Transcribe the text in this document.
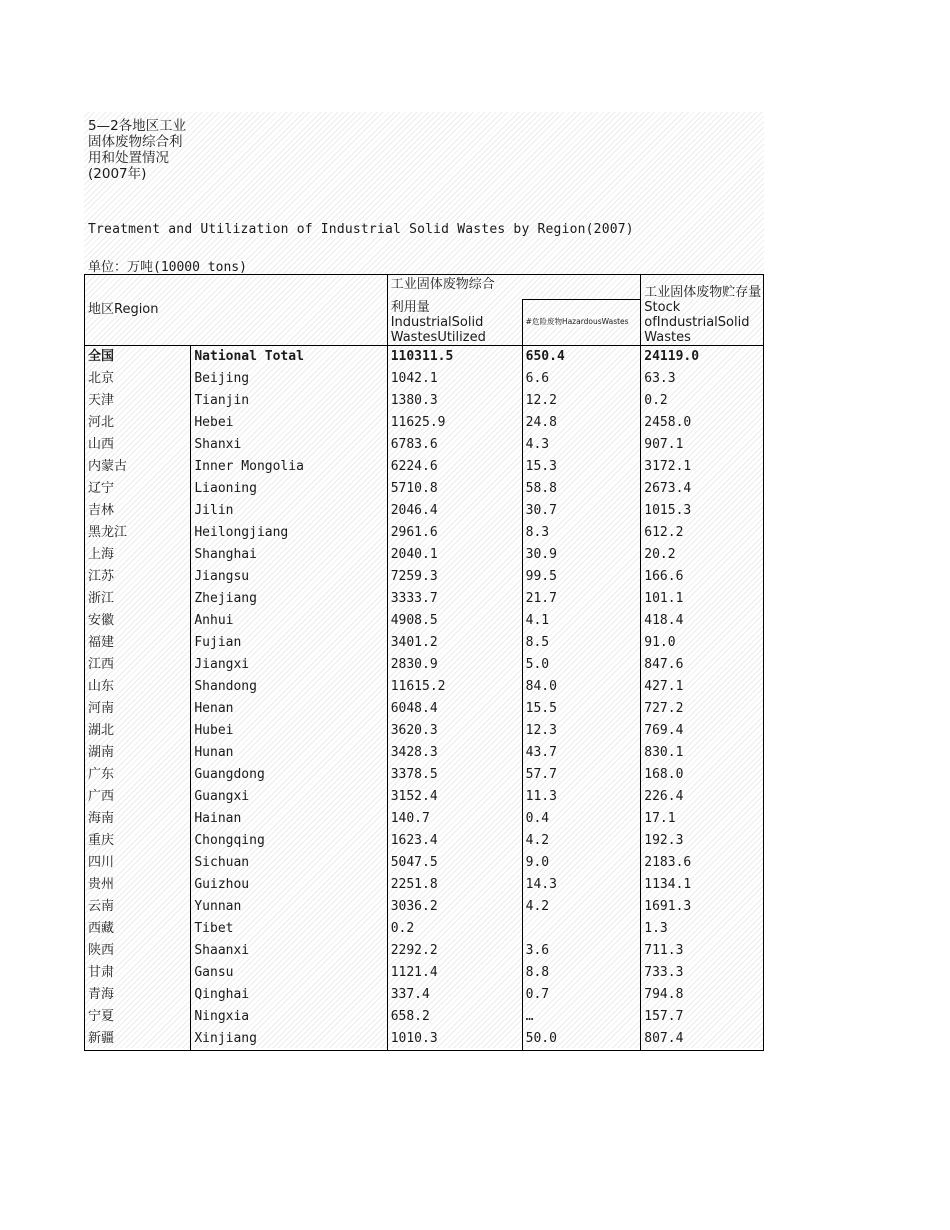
5—2各地区工业固体废物综合利用和处置情况(2007年)
Treatment and Utilization of Industrial Solid Wastes by Region(2007)
单位：万吨(10000 tons)
地区Region		工业固体废物综合		工业固体废物贮存量Stock ofIndustrialSolid Wastes
		利用量
IndustrialSolid
WastesUtilized	#危险废物HazardousWastes	
全国	National Total	110311.5	650.4	24119.0
北京	Beijing	1042.1	6.6	63.3
天津	Tianjin	1380.3	12.2	0.2
河北	Hebei	11625.9	24.8	2458.0
山西	Shanxi	6783.6	4.3	907.1
内蒙古	Inner Mongolia	6224.6	15.3	3172.1
辽宁	Liaoning	5710.8	58.8	2673.4
吉林	Jilin	2046.4	30.7	1015.3
黑龙江	Heilongjiang	2961.6	8.3	612.2
上海	Shanghai	2040.1	30.9	20.2
江苏	Jiangsu	7259.3	99.5	166.6
浙江	Zhejiang	3333.7	21.7	101.1
安徽	Anhui	4908.5	4.1	418.4
福建	Fujian	3401.2	8.5	91.0
江西	Jiangxi	2830.9	5.0	847.6
山东	Shandong	11615.2	84.0	427.1
河南	Henan	6048.4	15.5	727.2
湖北	Hubei	3620.3	12.3	769.4
湖南	Hunan	3428.3	43.7	830.1
广东	Guangdong	3378.5	57.7	168.0
广西	Guangxi	3152.4	11.3	226.4
海南	Hainan	140.7	0.4	17.1
重庆	Chongqing	1623.4	4.2	192.3
四川	Sichuan	5047.5	9.0	2183.6
贵州	Guizhou	2251.8	14.3	1134.1
云南	Yunnan	3036.2	4.2	1691.3
西藏	Tibet	0.2		1.3
陕西	Shaanxi	2292.2	3.6	711.3
甘肃	Gansu	1121.4	8.8	733.3
青海	Qinghai	337.4	0.7	794.8
宁夏	Ningxia	658.2	…	157.7
新疆	Xinjiang	1010.3	50.0	807.4
